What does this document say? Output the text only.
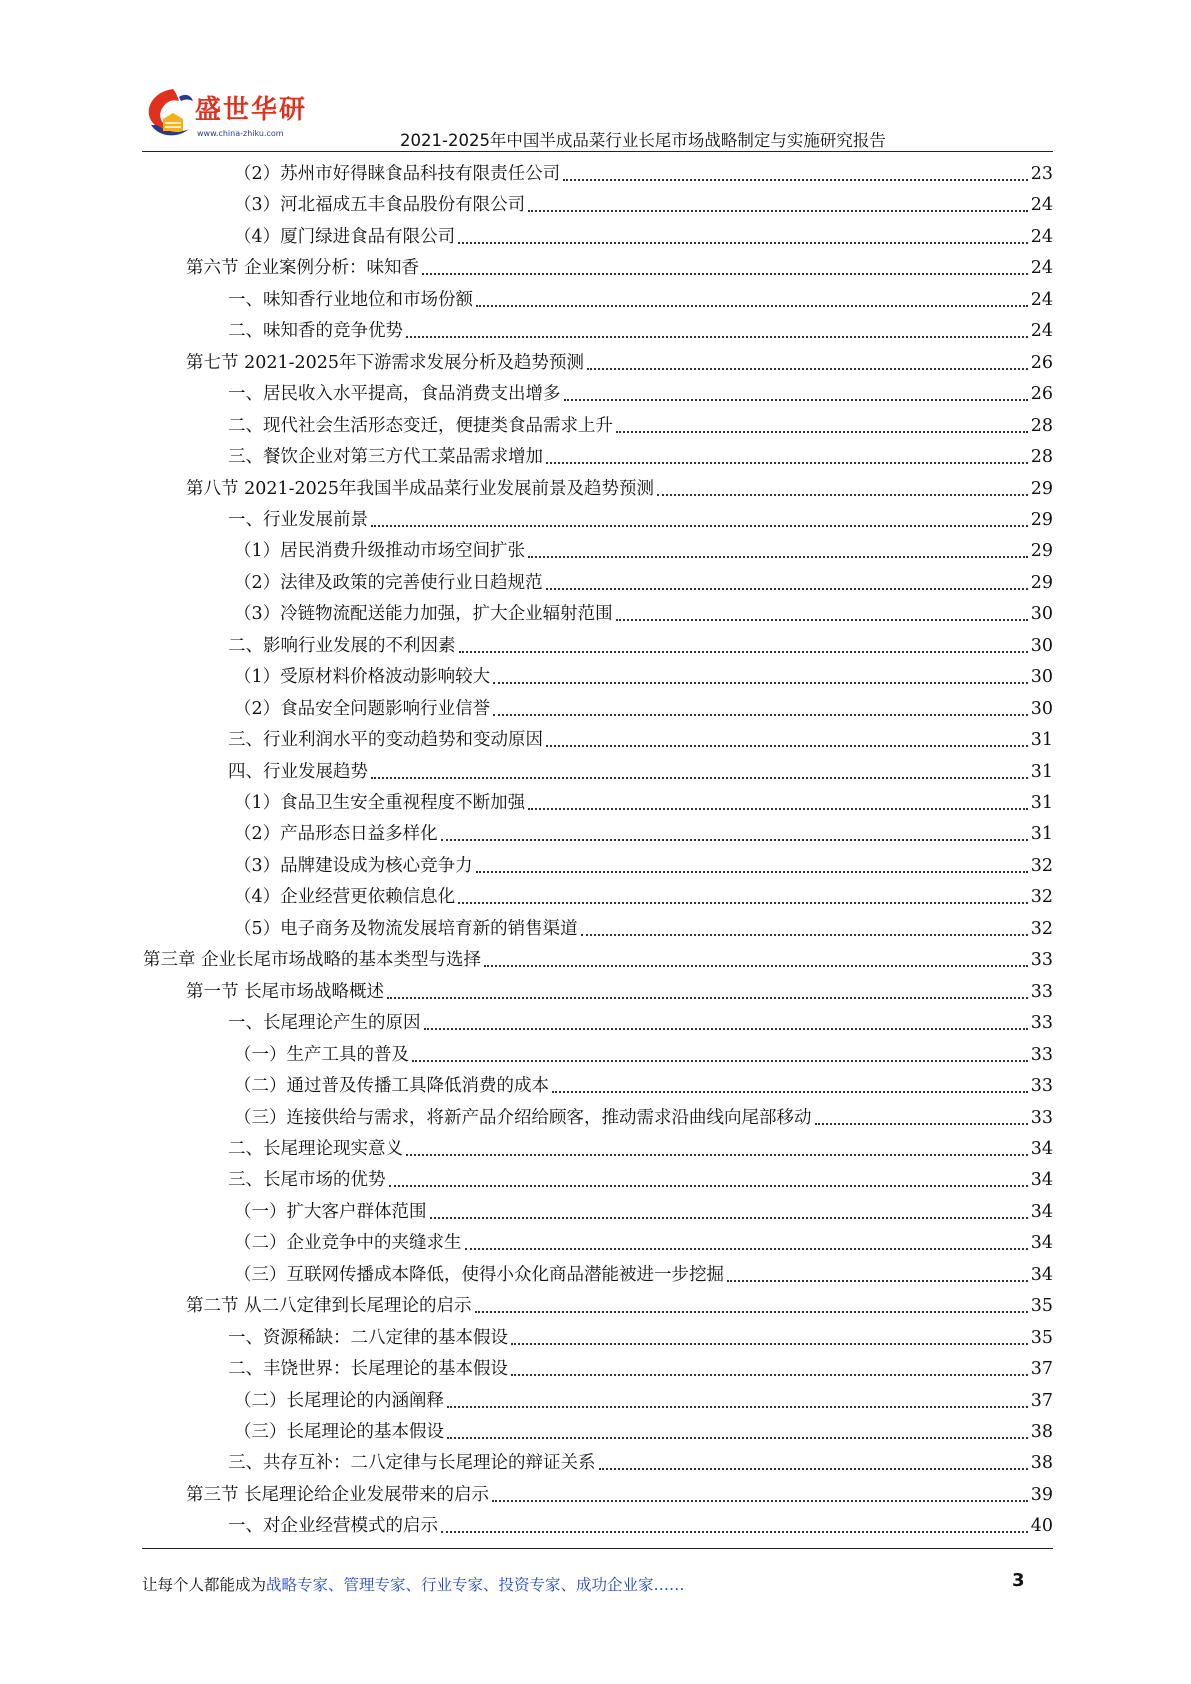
盛世华研
www.china-zhiku.com	2021-2025年中国半成品菜行业长尾市场战略制定与实施研究报告
（2）苏州市好得睐食品科技有限责任公司	23
（3）河北福成五丰食品股份有限公司	24
（4）厦门绿进食品有限公司	24
第六节 企业案例分析：味知香	24
一、味知香行业地位和市场份额	24
二、味知香的竞争优势	24
第七节 2021-2025年下游需求发展分析及趋势预测	26
一、居民收入水平提高，食品消费支出增多	26
二、现代社会生活形态变迁，便捷类食品需求上升	28
三、餐饮企业对第三方代工菜品需求增加	28
第八节 2021-2025年我国半成品菜行业发展前景及趋势预测	29
一、行业发展前景	29
（1）居民消费升级推动市场空间扩张	29
（2）法律及政策的完善使行业日趋规范	29
（3）冷链物流配送能力加强，扩大企业辐射范围	30
二、影响行业发展的不利因素	30
（1）受原材料价格波动影响较大	30
（2）食品安全问题影响行业信誉	30
三、行业利润水平的变动趋势和变动原因	31
四、行业发展趋势	31
（1）食品卫生安全重视程度不断加强	31
（2）产品形态日益多样化	31
（3）品牌建设成为核心竞争力	32
（4）企业经营更依赖信息化	32
（5）电子商务及物流发展培育新的销售渠道	32
第三章 企业长尾市场战略的基本类型与选择	33
第一节 长尾市场战略概述	33
一、长尾理论产生的原因	33
（一）生产工具的普及	33
（二）通过普及传播工具降低消费的成本	33
（三）连接供给与需求，将新产品介绍给顾客，推动需求沿曲线向尾部移动	33
二、长尾理论现实意义	34
三、长尾市场的优势	34
（一）扩大客户群体范围	34
（二）企业竞争中的夹缝求生	34
（三）互联网传播成本降低，使得小众化商品潜能被进一步挖掘	34
第二节 从二八定律到长尾理论的启示	35
一、资源稀缺：二八定律的基本假设	35
二、丰饶世界：长尾理论的基本假设	37
（二）长尾理论的内涵阐释	37
（三）长尾理论的基本假设	38
三、共存互补：二八定律与长尾理论的辩证关系	38
第三节 长尾理论给企业发展带来的启示	39
一、对企业经营模式的启示	40
让每个人都能成为战略专家、管理专家、行业专家、投资专家、成功企业家……	3
